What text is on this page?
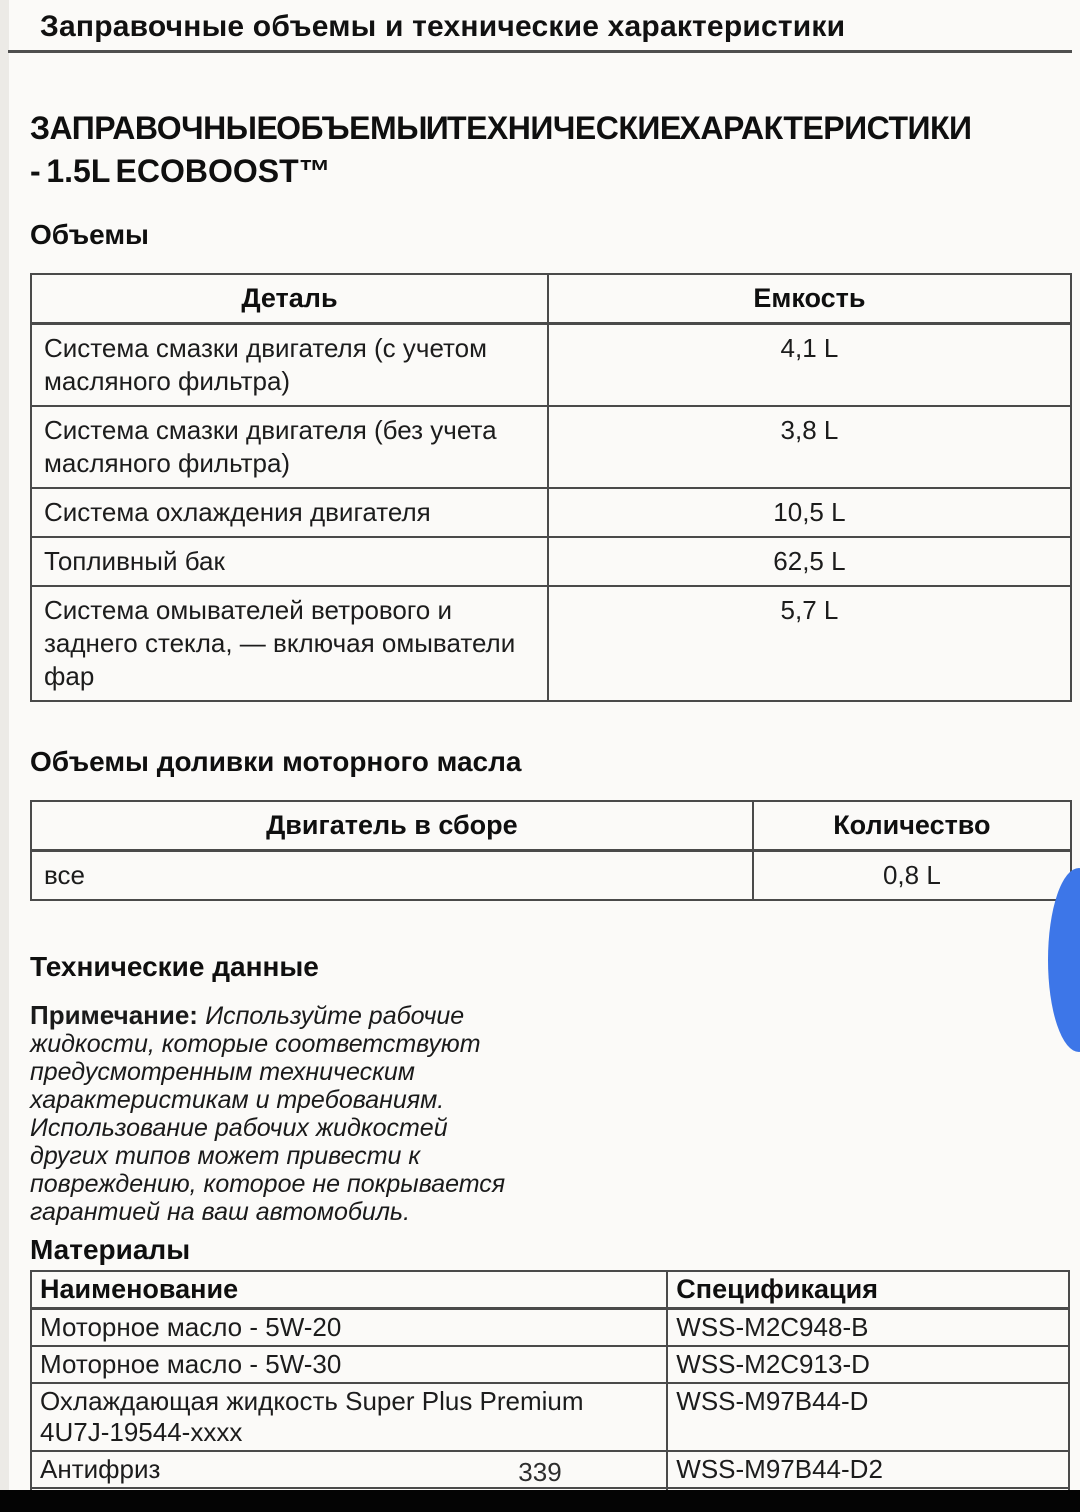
Заправочные объемы и технические характеристики
ЗАПРАВОЧНЫЕ ОБЪЕМЫ И ТЕХНИЧЕСКИЕ ХАРАКТЕРИСТИКИ
- 1.5L ECOBOOST™
Объемы
Деталь	Емкость
Система смазки двигателя (с учетом масляного фильтра)	4,1 L
Система смазки двигателя (без учета масляного фильтра)	3,8 L
Система охлаждения двигателя	10,5 L
Топливный бак	62,5 L
Система омывателей ветрового и заднего стекла, — включая омыватели фар	5,7 L
Объемы доливки моторного масла
Двигатель в сборе	Количество
все	0,8 L
Технические данные
Примечание: Используйте рабочие
жидкости, которые соответствуют
предусмотренным техническим
характеристикам и требованиям.
Использование рабочих жидкостей
других типов может привести к
повреждению, которое не покрывается
гарантией на ваш автомобиль.
Материалы
Наименование	Спецификация
Моторное масло - 5W-20	WSS-M2C948-B
Моторное масло - 5W-30	WSS-M2C913-D
Охлаждающая жидкость Super Plus Premium 4U7J-19544-xxxx	WSS-M97B44-D
Антифриз	WSS-M97B44-D2

339
